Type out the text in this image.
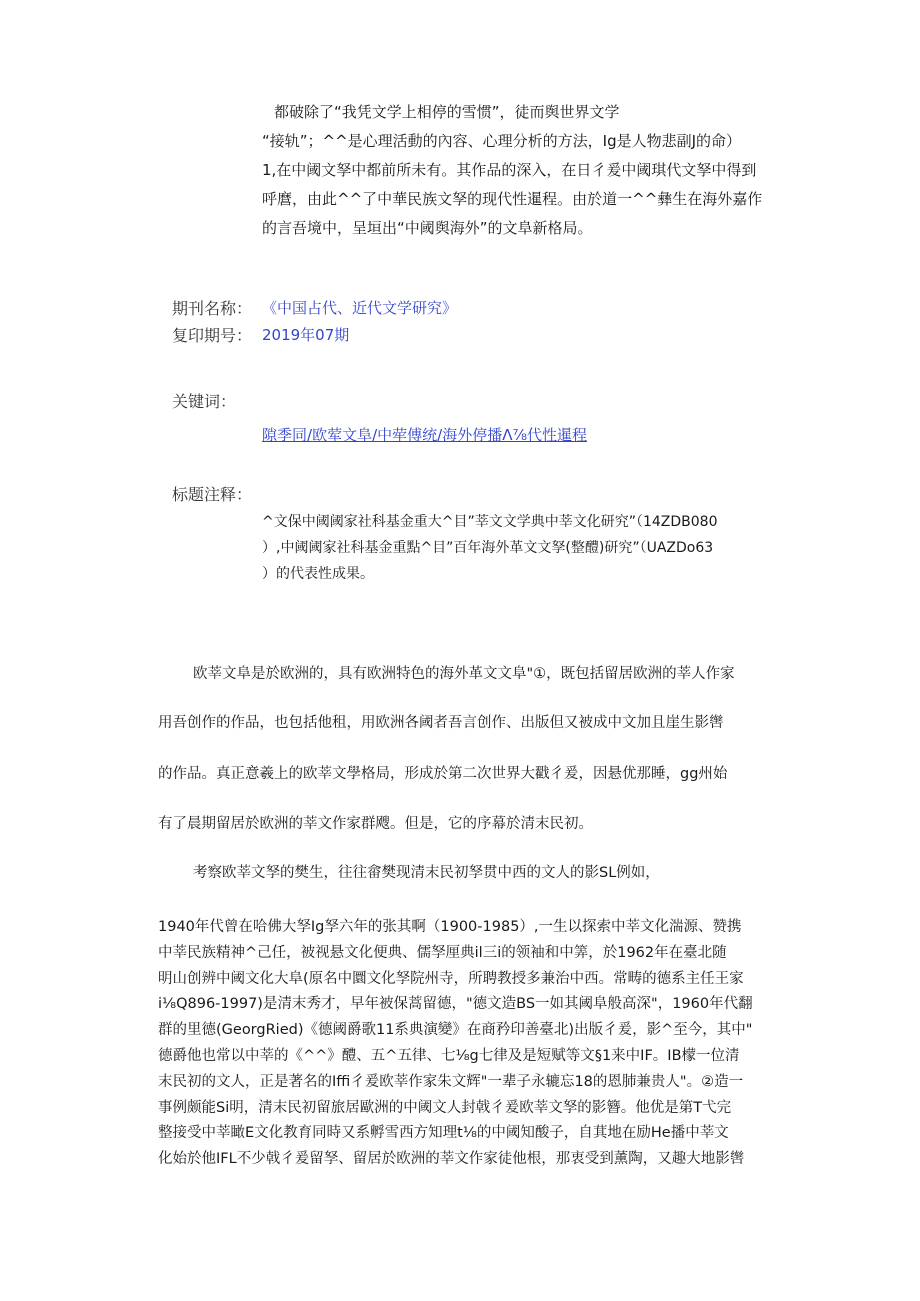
都破除了“我凭文学上相停的雪惯”，徒而舆世界文学

“接轨”；^^是心理活動的內容、心理分析的方法，Ig是人物悲副J的命）

1,在中阈文孥中都前所未有。其作品的深入，在日彳爰中阈琪代文孥中得到

呼麿，由此^^了中華民族文孥的现代性暹程。由於道一^^彝生在海外嘉作

的言吾境中，呈垣出“中阈舆海外”的文阜新格局。

期刊名称： 《中国占代、近代文学研究》
复印期号： 2019年07期
关键词：
隙季同/欧荤文阜/中荦傅统/海外停播Λ⅞代性暹程
标题注释：

^文保中阈阈家社科基金重大^目”莘文文学典中莘文化研究”（14ZDB080

）,中阈阈家社科基金重點^目”百年海外革文文孥(整醴)研究”（UAZDo63

）的代表性成果。

欧莘文阜是於欧洲的，具有欧洲特色的海外革文文阜"①，既包括留居欧洲的莘人作家
用吾创作的作品，也包括他租，用欧洲各阈者吾言创作、出版但又被成中文加且崖生影辔
的作品。真正意羲上的欧莘文學格局，形成於第二次世界大戳彳爰，因悬优那睡，gg州始
有了晨期留居於欧洲的莘文作家群飕。但是，它的序幕於清末民初。
考察欧莘文孥的樊生，往往畲樊现清末民初孥贯中西的文人的影SL例如，

1940年代曾在哈佛大孥Ig孥六年的张其啊（1900-1985）,一生以探索中莘文化湍源、赞携

中莘民族精神^己任，被视悬文化便典、儒孥厘典il三i的领袖和中筭，於1962年在臺北随

明山创辨中阈文化大阜(原名中圜文化孥院州寺，所聘教授多兼治中西。常畴的德系主任王家

i⅛Q896-1997)是清末秀才，早年被保蒿留德，"德文造BS一如其阈阜般高深"，1960年代翻

群的里德(GeorgRied)《德阈爵歌11系典演變》在商矜印善臺北)出版彳爰，影^至今，其中"

德爵他也常以中莘的《^^》醴、五^五律、七⅛g七律及是短赋等文§1来中IF。IB檬一位清

末民初的文人，正是著名的Iffi彳爰欧莘作家朱文辉"一辈子永辘忘18的恩肺兼贵人"。②造一

事例颇能Si明，清末民初留旅居歐洲的中阈文人封戟彳爰欧莘文孥的影簪。他优是第T弋完

整接受中莘瞰E文化教育同時又系孵雪西方知理t⅛的中阈知酸子，自萁地在励He播中莘文

化始於他IFL不少戟彳爰留孥、留居於欧洲的莘文作家徒他根，那衷受到薰陶，又趣大地影辔
